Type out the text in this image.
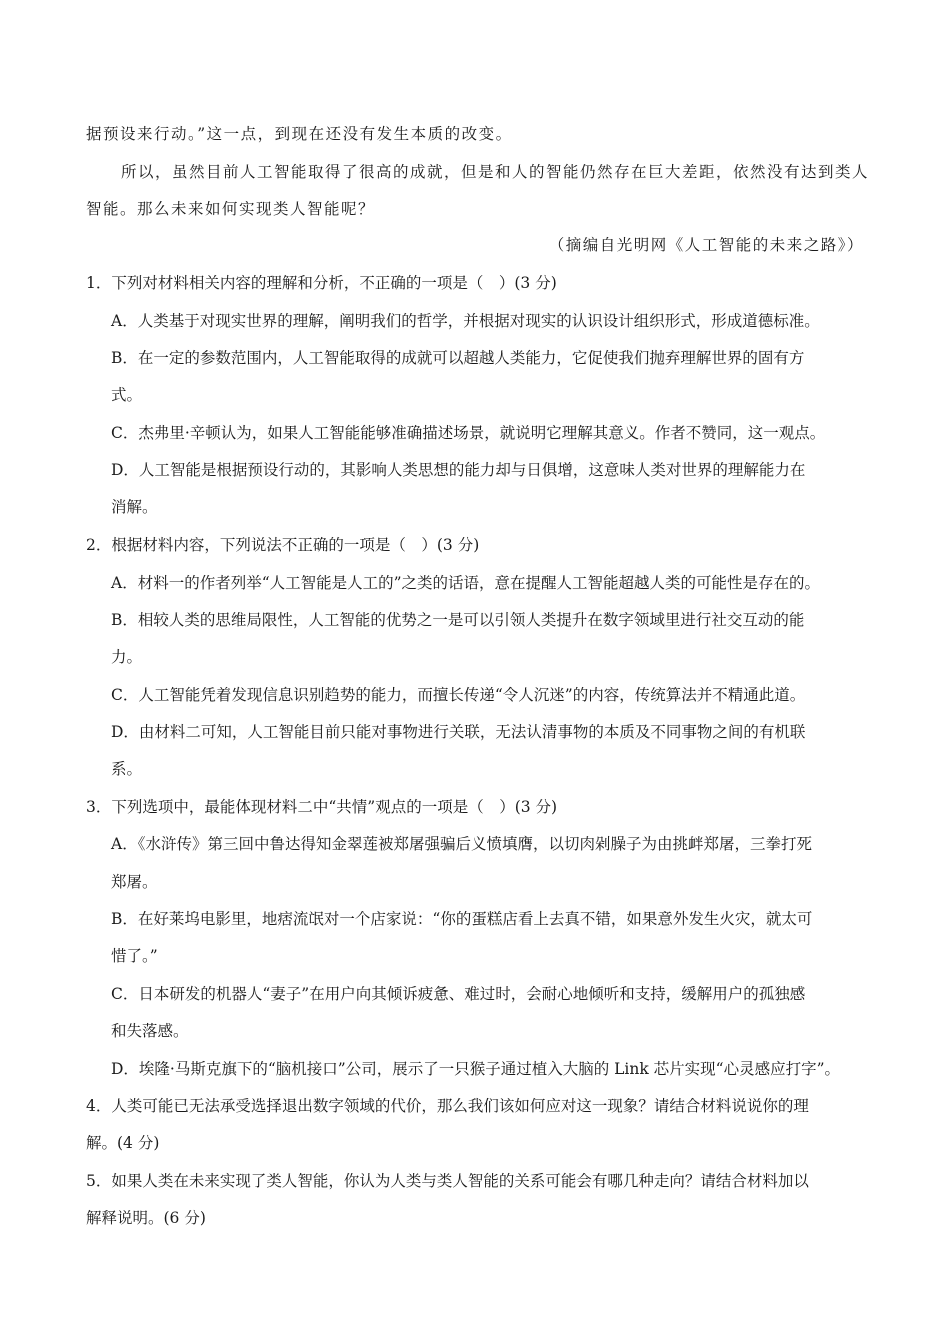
据预设来行动。”这一点，到现在还没有发生本质的改变。
所以，虽然目前人工智能取得了很高的成就，但是和人的智能仍然存在巨大差距，依然没有达到类人
智能。那么未来如何实现类人智能呢？
（摘编自光明网《人工智能的未来之路》）
1．下列对材料相关内容的理解和分析，不正确的一项是（　）(3 分)
A．人类基于对现实世界的理解，阐明我们的哲学，并根据对现实的认识设计组织形式，形成道德标准。
B．在一定的参数范围内，人工智能取得的成就可以超越人类能力，它促使我们抛弃理解世界的固有方
式。
C．杰弗里·辛顿认为，如果人工智能能够准确描述场景，就说明它理解其意义。作者不赞同，这一观点。
D．人工智能是根据预设行动的，其影响人类思想的能力却与日俱增，这意味人类对世界的理解能力在
消解。
2．根据材料内容，下列说法不正确的一项是（　）(3 分)
A．材料一的作者列举“人工智能是人工的”之类的话语，意在提醒人工智能超越人类的可能性是存在的。
B．相较人类的思维局限性，人工智能的优势之一是可以引领人类提升在数字领域里进行社交互动的能
力。
C．人工智能凭着发现信息识别趋势的能力，而擅长传递“令人沉迷”的内容，传统算法并不精通此道。
D．由材料二可知，人工智能目前只能对事物进行关联，无法认清事物的本质及不同事物之间的有机联
系。
3．下列选项中，最能体现材料二中“共情”观点的一项是（　）(3 分)
A．《水浒传》第三回中鲁达得知金翠莲被郑屠强骗后义愤填膺，以切肉剁臊子为由挑衅郑屠，三拳打死
郑屠。
B．在好莱坞电影里，地痞流氓对一个店家说：“你的蛋糕店看上去真不错，如果意外发生火灾，就太可
惜了。”
C．日本研发的机器人“妻子”在用户向其倾诉疲惫、难过时，会耐心地倾听和支持，缓解用户的孤独感
和失落感。
D．埃隆·马斯克旗下的“脑机接口”公司，展示了一只猴子通过植入大脑的 Link 芯片实现“心灵感应打字”。
4．人类可能已无法承受选择退出数字领域的代价，那么我们该如何应对这一现象？请结合材料说说你的理
解。(4 分)
5．如果人类在未来实现了类人智能，你认为人类与类人智能的关系可能会有哪几种走向？请结合材料加以
解释说明。(6 分)
